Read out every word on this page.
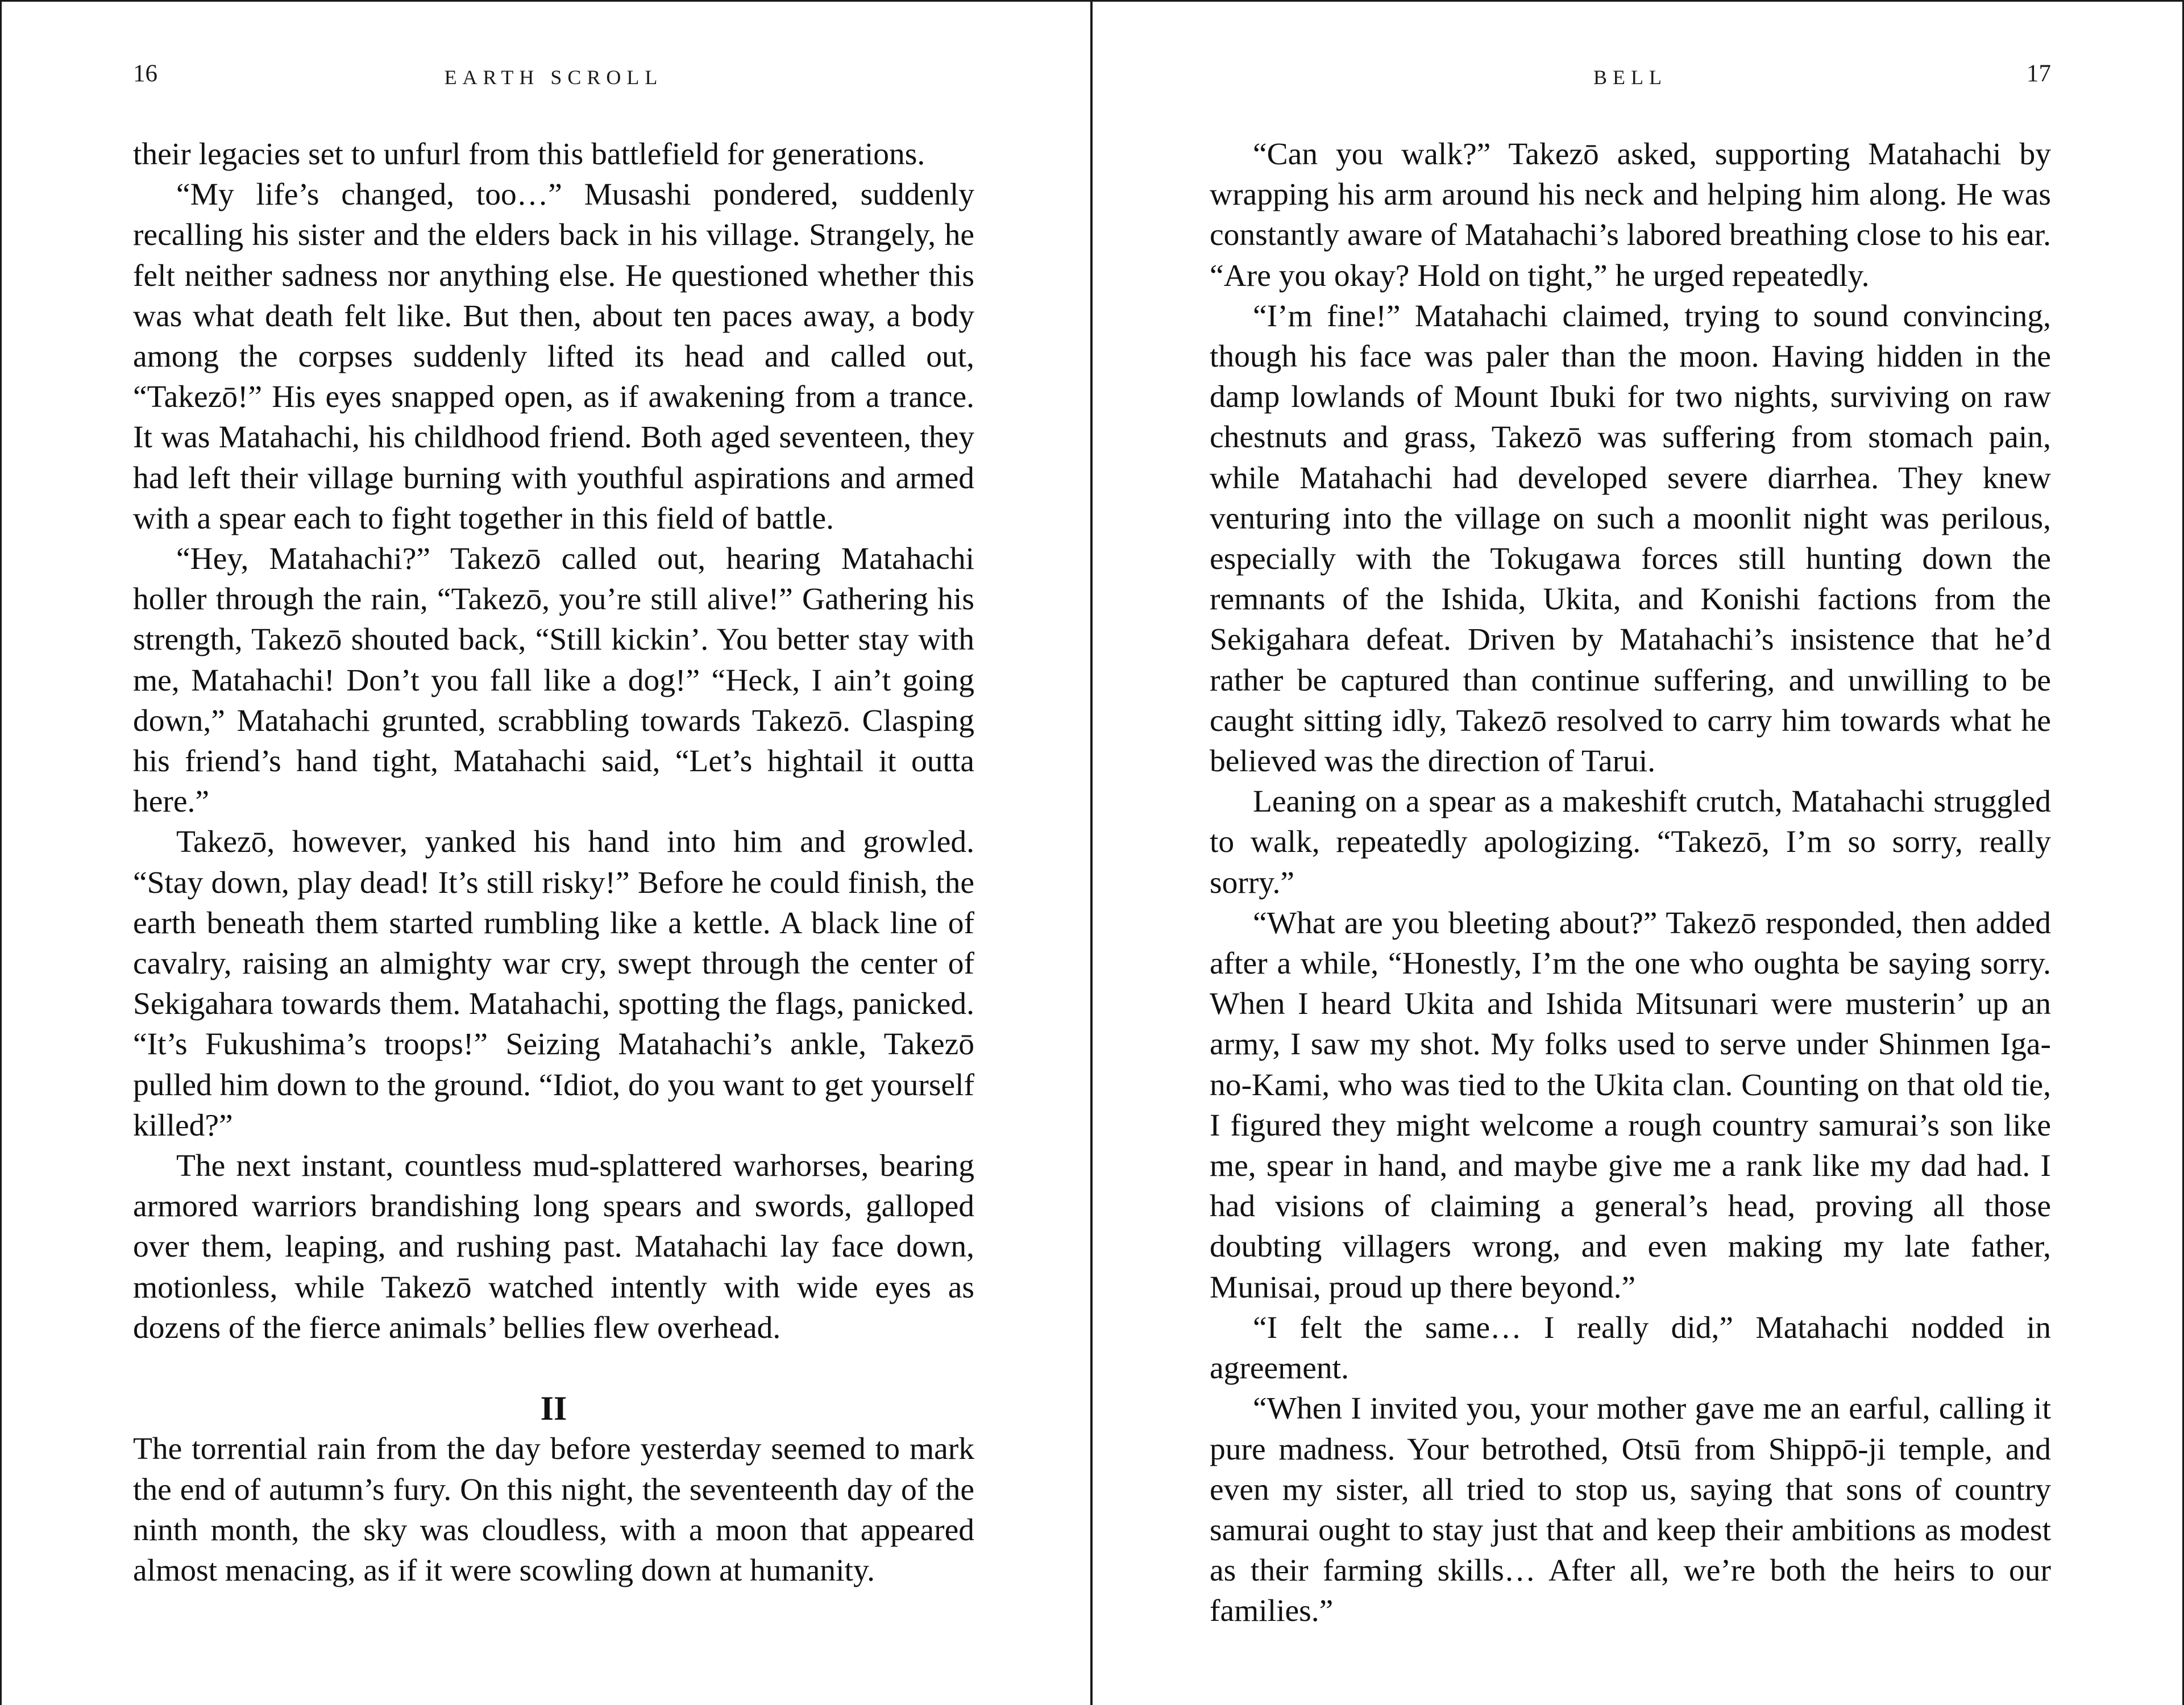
16	EARTH SCROLL

their legacies set to unfurl from this battlefield for generations.

“My life’s changed, too…” Musashi pondered, suddenly recalling his sister and the elders back in his village. Strangely, he felt neither sadness nor anything else. He questioned whether this was what death felt like. But then, about ten paces away, a body among the corpses suddenly lifted its head and called out, “Takezō!” His eyes snapped open, as if awakening from a trance. It was Matahachi, his childhood friend. Both aged seventeen, they had left their village burning with youthful aspirations and armed with a spear each to fight together in this field of battle.

“Hey, Matahachi?” Takezō called out, hearing Matahachi holler through the rain, “Takezō, you’re still alive!” Gathering his strength, Takezō shouted back, “Still kickin’. You better stay with me, Matahachi! Don’t you fall like a dog!” “Heck, I ain’t going down,” Matahachi grunted, scrabbling towards Takezō. Clasping his friend’s hand tight, Matahachi said, “Let’s hightail it outta here.”

Takezō, however, yanked his hand into him and growled. “Stay down, play dead! It’s still risky!” Before he could finish, the earth beneath them started rumbling like a kettle. A black line of cavalry, raising an almighty war cry, swept through the center of Sekigahara towards them. Matahachi, spotting the flags, panicked. “It’s Fukushima’s troops!” Seizing Matahachi’s ankle, Takezō pulled him down to the ground. “Idiot, do you want to get yourself killed?”

The next instant, countless mud-splattered warhorses, bearing armored warriors brandishing long spears and swords, galloped over them, leaping, and rushing past. Matahachi lay face down, motionless, while Takezō watched intently with wide eyes as dozens of the fierce animals’ bellies flew overhead.

II

The torrential rain from the day before yesterday seemed to mark the end of autumn’s fury. On this night, the seventeenth day of the ninth month, the sky was cloudless, with a moon that appeared almost menacing, as if it were scowling down at humanity.

BELL	17

“Can you walk?” Takezō asked, supporting Matahachi by wrapping his arm around his neck and helping him along. He was constantly aware of Matahachi’s labored breathing close to his ear. “Are you okay? Hold on tight,” he urged repeatedly.

“I’m fine!” Matahachi claimed, trying to sound convincing, though his face was paler than the moon. Having hidden in the damp lowlands of Mount Ibuki for two nights, surviving on raw chestnuts and grass, Takezō was suffering from stomach pain, while Matahachi had developed severe diarrhea. They knew venturing into the village on such a moonlit night was perilous, especially with the Tokugawa forces still hunting down the remnants of the Ishida, Ukita, and Konishi factions from the Sekigahara defeat. Driven by Matahachi’s insistence that he’d rather be captured than continue suffering, and unwilling to be caught sitting idly, Takezō resolved to carry him towards what he believed was the direction of Tarui.

Leaning on a spear as a makeshift crutch, Matahachi struggled to walk, repeatedly apologizing. “Takezō, I’m so sorry, really sorry.”

“What are you bleeting about?” Takezō responded, then added after a while, “Honestly, I’m the one who oughta be saying sorry. When I heard Ukita and Ishida Mitsunari were musterin’ up an army, I saw my shot. My folks used to serve under Shinmen Iga-no-Kami, who was tied to the Ukita clan. Counting on that old tie, I figured they might welcome a rough country samurai’s son like me, spear in hand, and maybe give me a rank like my dad had. I had visions of claiming a general’s head, proving all those doubting villagers wrong, and even making my late father, Munisai, proud up there beyond.”

“I felt the same… I really did,” Matahachi nodded in agreement.

“When I invited you, your mother gave me an earful, calling it pure madness. Your betrothed, Otsū from Shippō-ji temple, and even my sister, all tried to stop us, saying that sons of country samurai ought to stay just that and keep their ambitions as modest as their farming skills… After all, we’re both the heirs to our families.”
